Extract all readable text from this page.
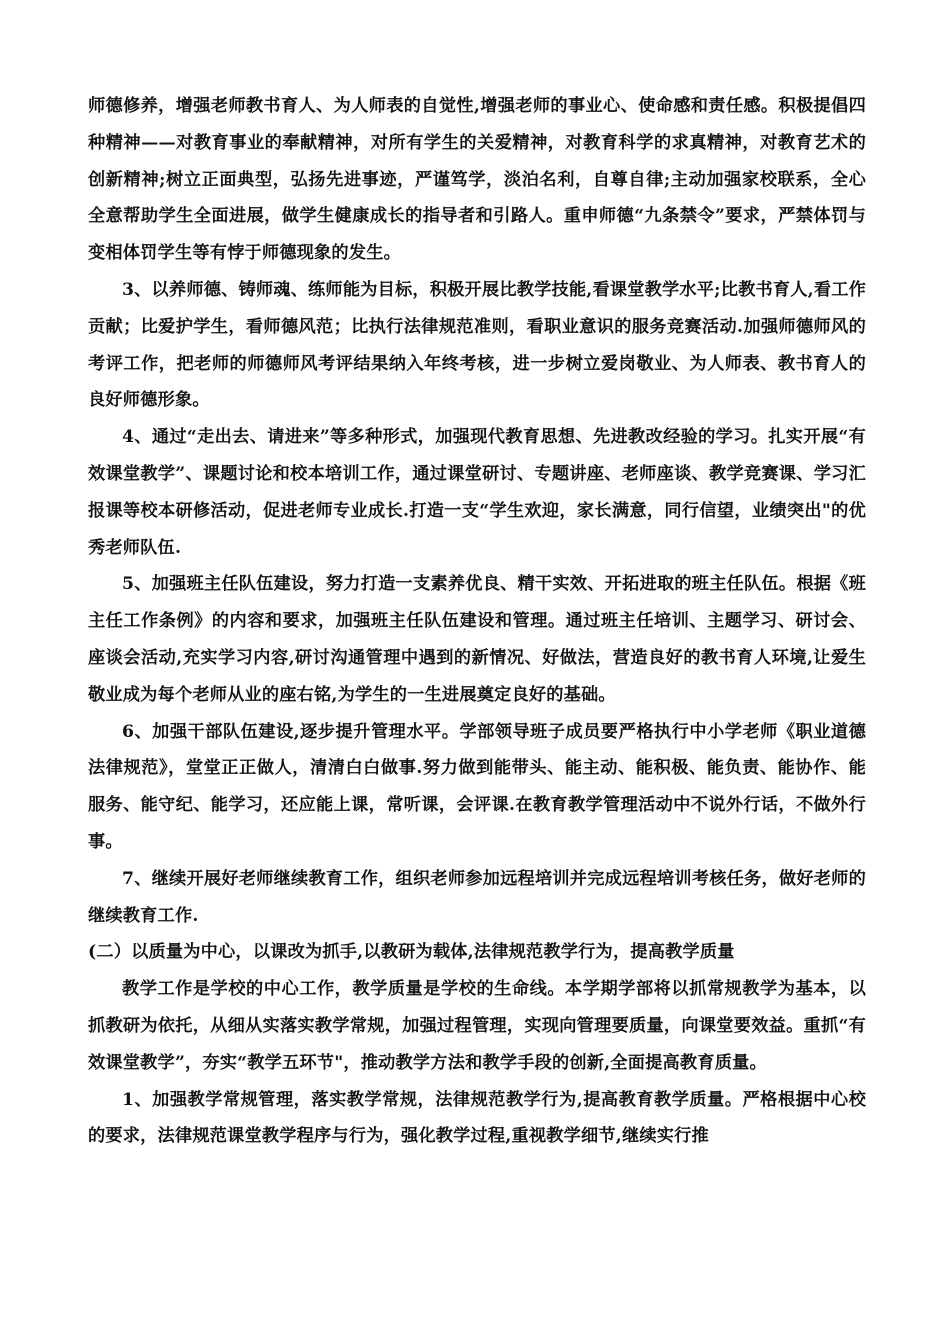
师德修养，增强老师教书育人、为人师表的自觉性,增强老师的事业心、使命感和责任感。积极提倡四种精神——对教育事业的奉献精神，对所有学生的关爱精神，对教育科学的求真精神，对教育艺术的创新精神;树立正面典型，弘扬先进事迹，严谨笃学，淡泊名利，自尊自律;主动加强家校联系，全心全意帮助学生全面进展，做学生健康成长的指导者和引路人。重申师德“九条禁令”要求，严禁体罚与变相体罚学生等有悖于师德现象的发生。

3、以养师德、铸师魂、练师能为目标，积极开展比教学技能,看课堂教学水平;比教书育人,看工作贡献；比爱护学生，看师德风范；比执行法律规范准则，看职业意识的服务竞赛活动.加强师德师风的考评工作，把老师的师德师风考评结果纳入年终考核，进一步树立爱岗敬业、为人师表、教书育人的良好师德形象。

4、通过“走出去、请进来”等多种形式，加强现代教育思想、先进教改经验的学习。扎实开展“有效课堂教学”、课题讨论和校本培训工作，通过课堂研讨、专题讲座、老师座谈、教学竞赛课、学习汇报课等校本研修活动，促进老师专业成长.打造一支“学生欢迎，家长满意，同行信望，业绩突出"的优秀老师队伍.

5、加强班主任队伍建设，努力打造一支素养优良、精干实效、开拓进取的班主任队伍。根据《班主任工作条例》的内容和要求，加强班主任队伍建设和管理。通过班主任培训、主题学习、研讨会、座谈会活动,充实学习内容,研讨沟通管理中遇到的新情况、好做法，营造良好的教书育人环境,让爱生敬业成为每个老师从业的座右铭,为学生的一生进展奠定良好的基础。

6、加强干部队伍建设,逐步提升管理水平。学部领导班子成员要严格执行中小学老师《职业道德法律规范》，堂堂正正做人，清清白白做事.努力做到能带头、能主动、能积极、能负责、能协作、能服务、能守纪、能学习，还应能上课，常听课，会评课.在教育教学管理活动中不说外行话，不做外行事。

7、继续开展好老师继续教育工作，组织老师参加远程培训并完成远程培训考核任务，做好老师的继续教育工作.

(二）以质量为中心，以课改为抓手,以教研为载体,法律规范教学行为，提高教学质量

教学工作是学校的中心工作，教学质量是学校的生命线。本学期学部将以抓常规教学为基本，以抓教研为依托，从细从实落实教学常规，加强过程管理，实现向管理要质量，向课堂要效益。重抓“有效课堂教学”，夯实“教学五环节"，推动教学方法和教学手段的创新,全面提高教育质量。

1、加强教学常规管理，落实教学常规，法律规范教学行为,提高教育教学质量。严格根据中心校的要求，法律规范课堂教学程序与行为，强化教学过程,重视教学细节,继续实行推
